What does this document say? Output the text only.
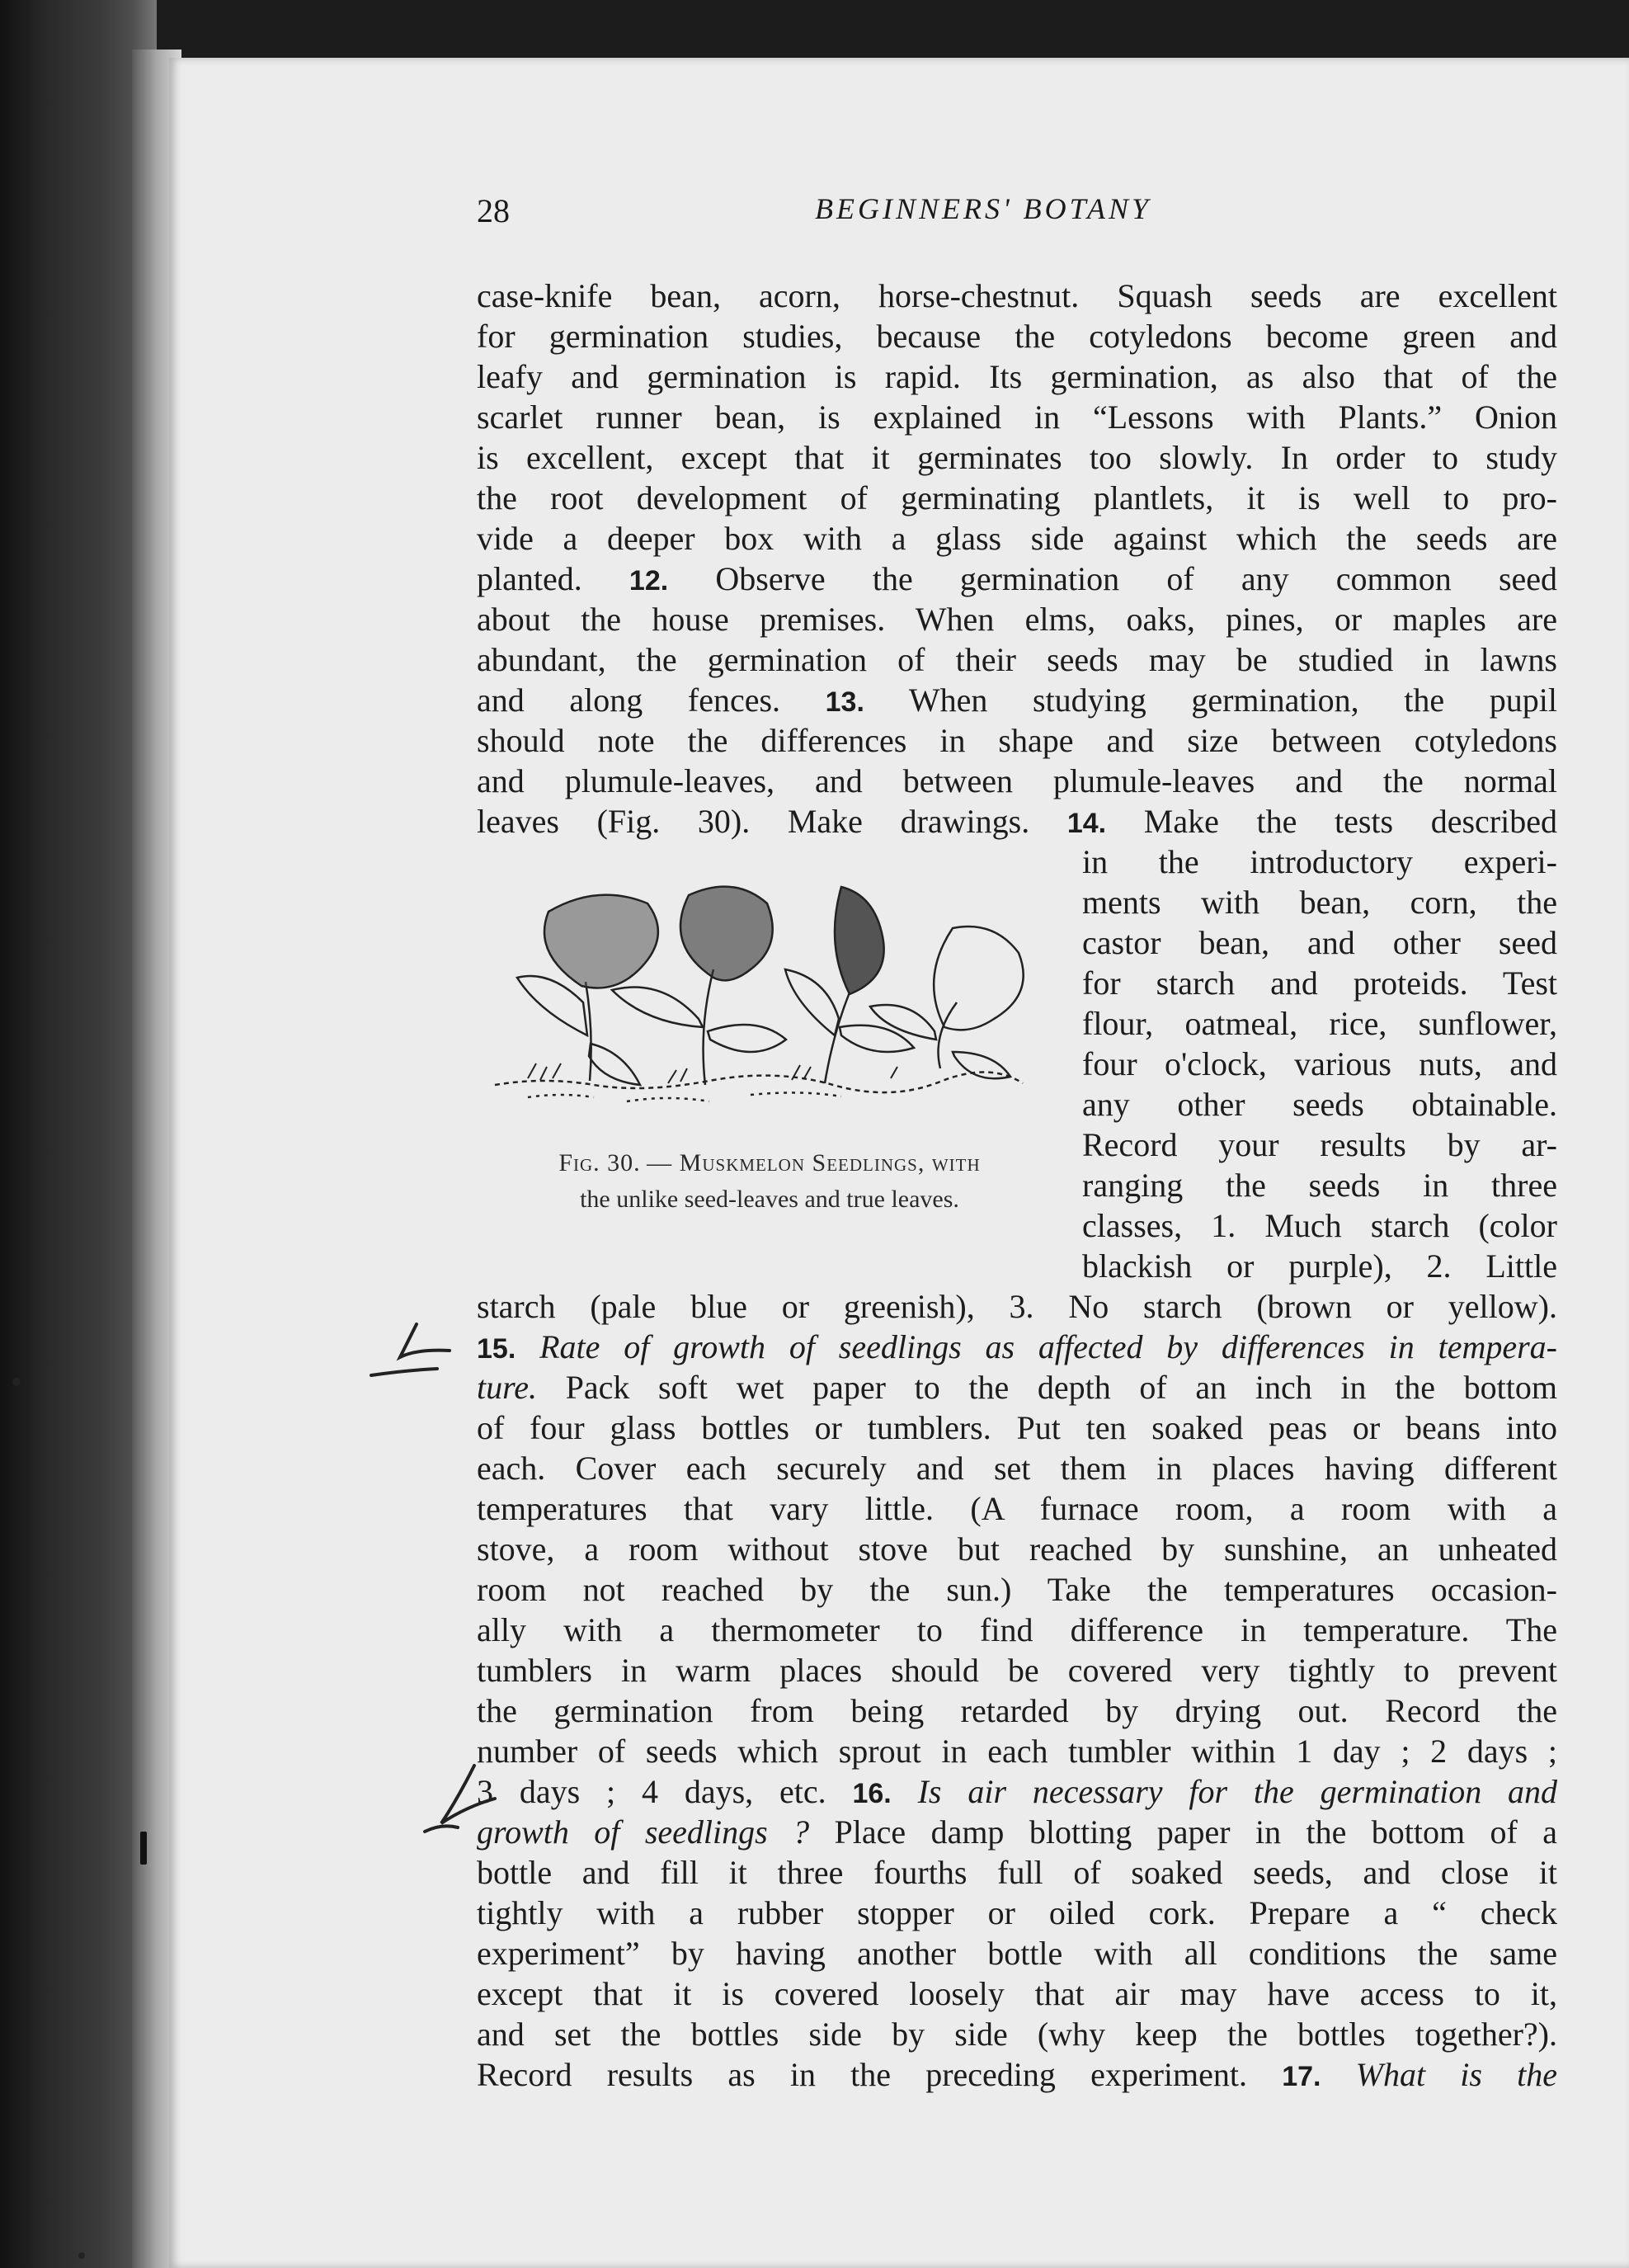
28	BEGINNERS' BOTANY
case-knife bean, acorn, horse-chestnut. Squash seeds are excellent
for germination studies, because the cotyledons become green and
leafy and germination is rapid. Its germination, as also that of the
scarlet runner bean, is explained in “Lessons with Plants.” Onion
is excellent, except that it germinates too slowly. In order to study
the root development of germinating plantlets, it is well to pro-
vide a deeper box with a glass side against which the seeds are
planted. 12. Observe the germination of any common seed
about the house premises. When elms, oaks, pines, or maples are
abundant, the germination of their seeds may be studied in lawns
and along fences. 13. When studying germination, the pupil
should note the differences in shape and size between cotyledons
and plumule-leaves, and between plumule-leaves and the normal
leaves (Fig. 30). Make drawings. 14. Make the tests described
in the introductory experi-
ments with bean, corn, the
castor bean, and other seed
for starch and proteids. Test
flour, oatmeal, rice, sunflower,
four o'clock, various nuts, and
any other seeds obtainable.
Record your results by ar-
ranging the seeds in three
classes, 1. Much starch (color
blackish or purple), 2. Little
Fig. 30. — Muskmelon Seedlings, with
the unlike seed-leaves and true leaves.
starch (pale blue or greenish), 3. No starch (brown or yellow).
15. Rate of growth of seedlings as affected by differences in tempera-
ture. Pack soft wet paper to the depth of an inch in the bottom
of four glass bottles or tumblers. Put ten soaked peas or beans into
each. Cover each securely and set them in places having different
temperatures that vary little. (A furnace room, a room with a
stove, a room without stove but reached by sunshine, an unheated
room not reached by the sun.) Take the temperatures occasion-
ally with a thermometer to find difference in temperature. The
tumblers in warm places should be covered very tightly to prevent
the germination from being retarded by drying out. Record the
number of seeds which sprout in each tumbler within 1 day ; 2 days ;
3 days ; 4 days, etc. 16. Is air necessary for the germination and
growth of seedlings ? Place damp blotting paper in the bottom of a
bottle and fill it three fourths full of soaked seeds, and close it
tightly with a rubber stopper or oiled cork. Prepare a “ check
experiment” by having another bottle with all conditions the same
except that it is covered loosely that air may have access to it,
and set the bottles side by side (why keep the bottles together?).
Record results as in the preceding experiment. 17. What is the
